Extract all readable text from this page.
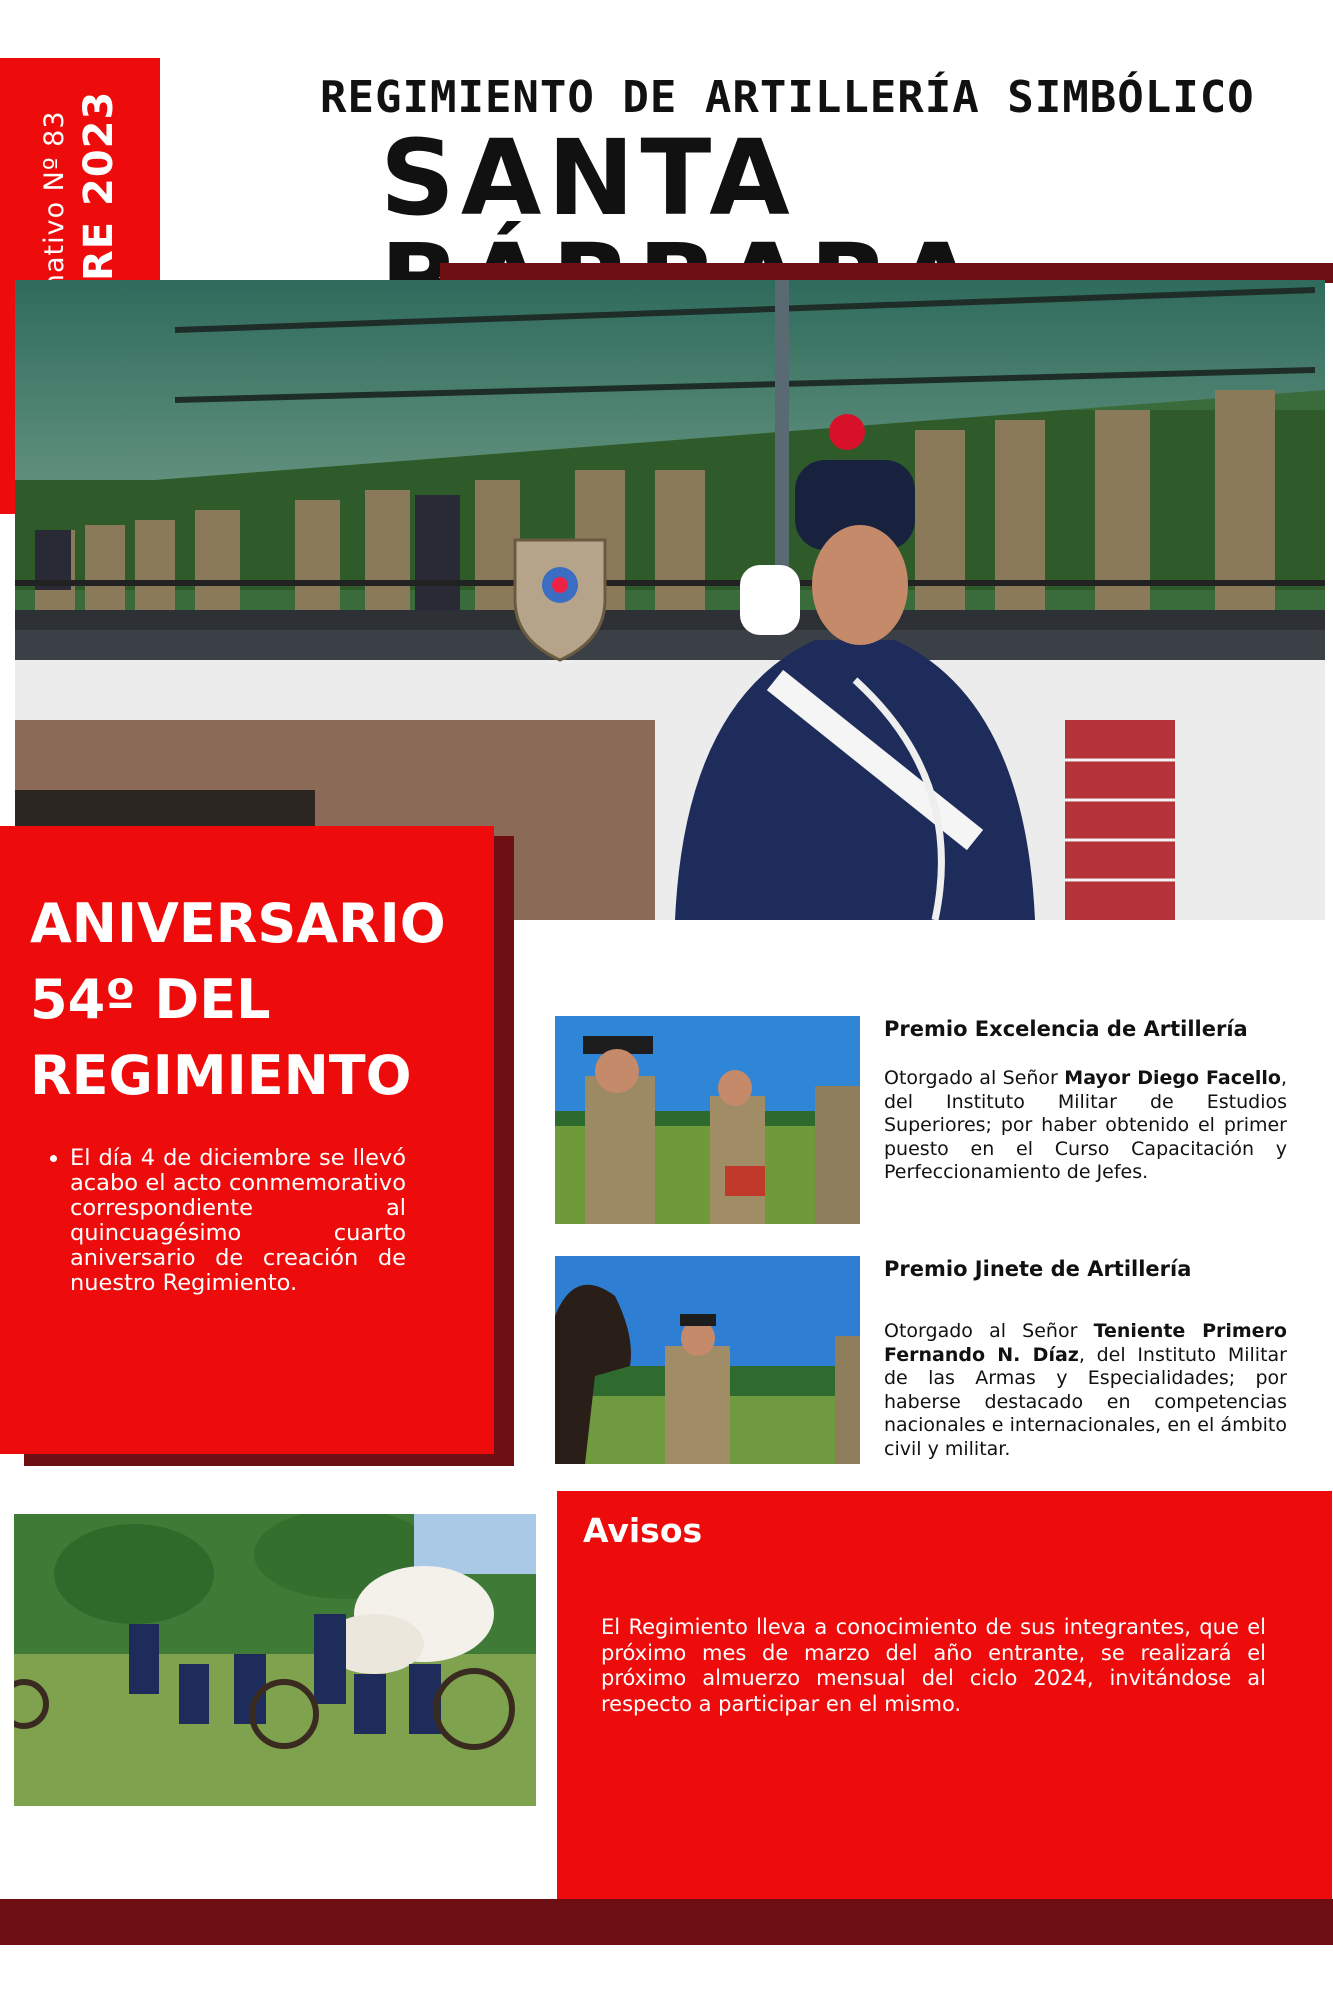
REGIMIENTO DE ARTILLERÍA SIMBÓLICO
SANTA
ANIVERSARIO
54º DEL
REGIMIENTO
• El día 4 de diciembre se llevó acabo el acto conmemorativo correspondiente al quincuagésimo cuarto aniversario de creación de nuestro Regimiento.
Premio Excelencia de Artillería
Otorgado al Señor Mayor Diego Facello, del Instituto Militar de Estudios Superiores; por haber obtenido el primer puesto en el Curso Capacitación y Perfeccionamiento de Jefes.
Premio Jinete de Artillería
Otorgado al Señor Teniente Primero Fernando N. Díaz, del Instituto Militar de las Armas y Especialidades; por haberse destacado en competencias nacionales e internacionales, en el ámbito civil y militar.
Avisos
El Regimiento lleva a conocimiento de sus integrantes, que el próximo mes de marzo del año entrante, se realizará el próximo almuerzo mensual del ciclo 2024, invitándose al respecto a participar en el mismo.
